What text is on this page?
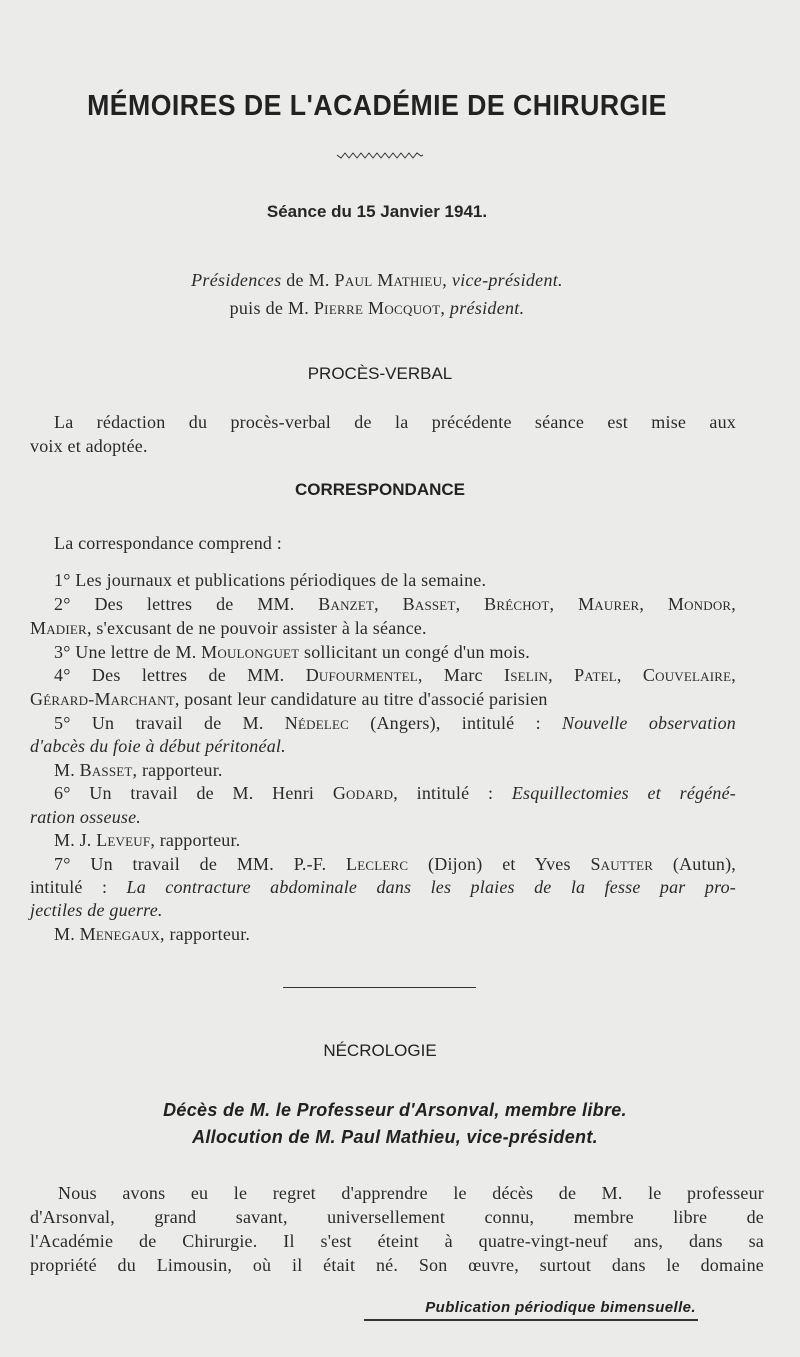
MÉMOIRES DE L'ACADÉMIE DE CHIRURGIE
Séance du 15 Janvier 1941.
Présidences de M. Paul Mathieu, vice-président.
puis de M. Pierre Mocquot, président.
PROCÈS-VERBAL
La rédaction du procès-verbal de la précédente séance est mise aux
voix et adoptée.
CORRESPONDANCE
La correspondance comprend :
1° Les journaux et publications périodiques de la semaine.
2° Des lettres de MM. Banzet, Basset, Bréchot, Maurer, Mondor,
Madier, s'excusant de ne pouvoir assister à la séance.
3° Une lettre de M. Moulonguet sollicitant un congé d'un mois.
4° Des lettres de MM. Dufourmentel, Marc Iselin, Patel, Couvelaire,
Gérard-Marchant, posant leur candidature au titre d'associé parisien
5° Un travail de M. Nédelec (Angers), intitulé : Nouvelle observation
d'abcès du foie à début péritonéal.
M. Basset, rapporteur.
6° Un travail de M. Henri Godard, intitulé : Esquillectomies et régéné-
ration osseuse.
M. J. Leveuf, rapporteur.
7° Un travail de MM. P.-F. Leclerc (Dijon) et Yves Sautter (Autun),
intitulé : La contracture abdominale dans les plaies de la fesse par pro-
jectiles de guerre.
M. Menegaux, rapporteur.
NÉCROLOGIE
Décès de M. le Professeur d'Arsonval, membre libre.
Allocution de M. Paul Mathieu, vice-président.
Nous avons eu le regret d'apprendre le décès de M. le professeur
d'Arsonval, grand savant, universellement connu, membre libre de
l'Académie de Chirurgie. Il s'est éteint à quatre-vingt-neuf ans, dans sa
propriété du Limousin, où il était né. Son œuvre, surtout dans le domaine
Publication périodique bimensuelle.
